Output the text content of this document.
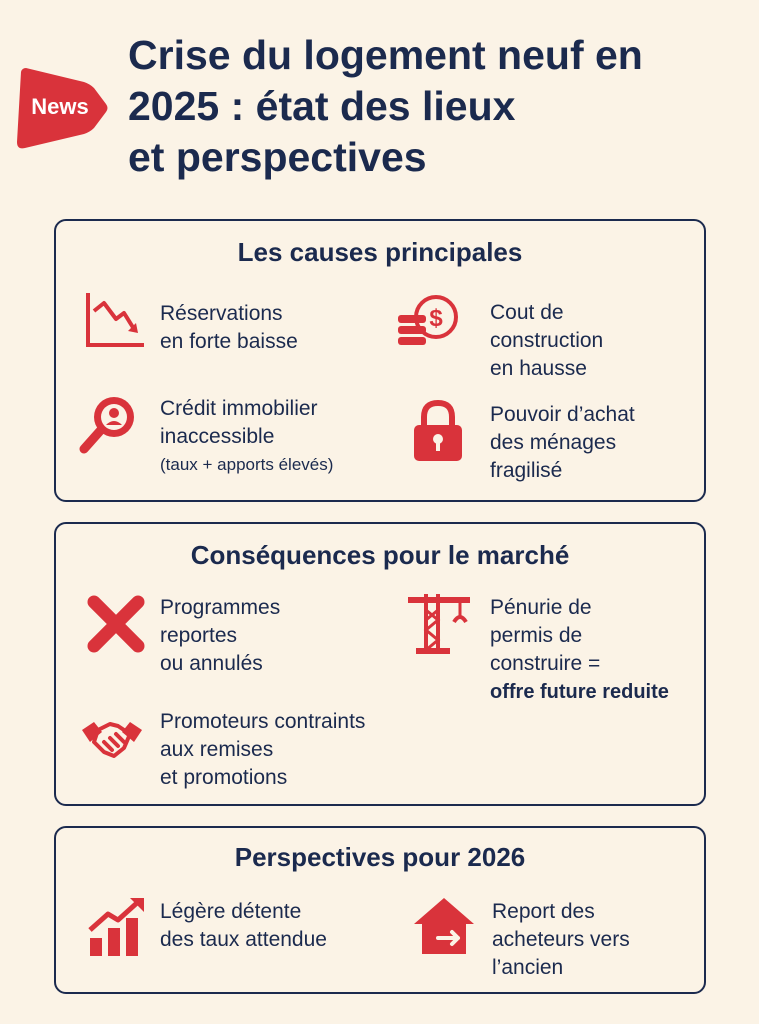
News
Crise du logement neuf en
2025 : état des lieux
et perspectives
Les causes principales
Réservations
en forte baisse
$ Cout de
construction
en hausse
Crédit immobilier
inaccessible
(taux + apports élevés)
Pouvoir d’achat
des ménages
fragilisé
Conséquences pour le marché
Programmes
reportes
ou annulés
Pénurie de
permis de
construire =
offre future reduite
Promoteurs contraints
aux remises
et promotions
Perspectives pour 2026
Légère détente
des taux attendue
Report des
acheteurs vers
l’ancien
